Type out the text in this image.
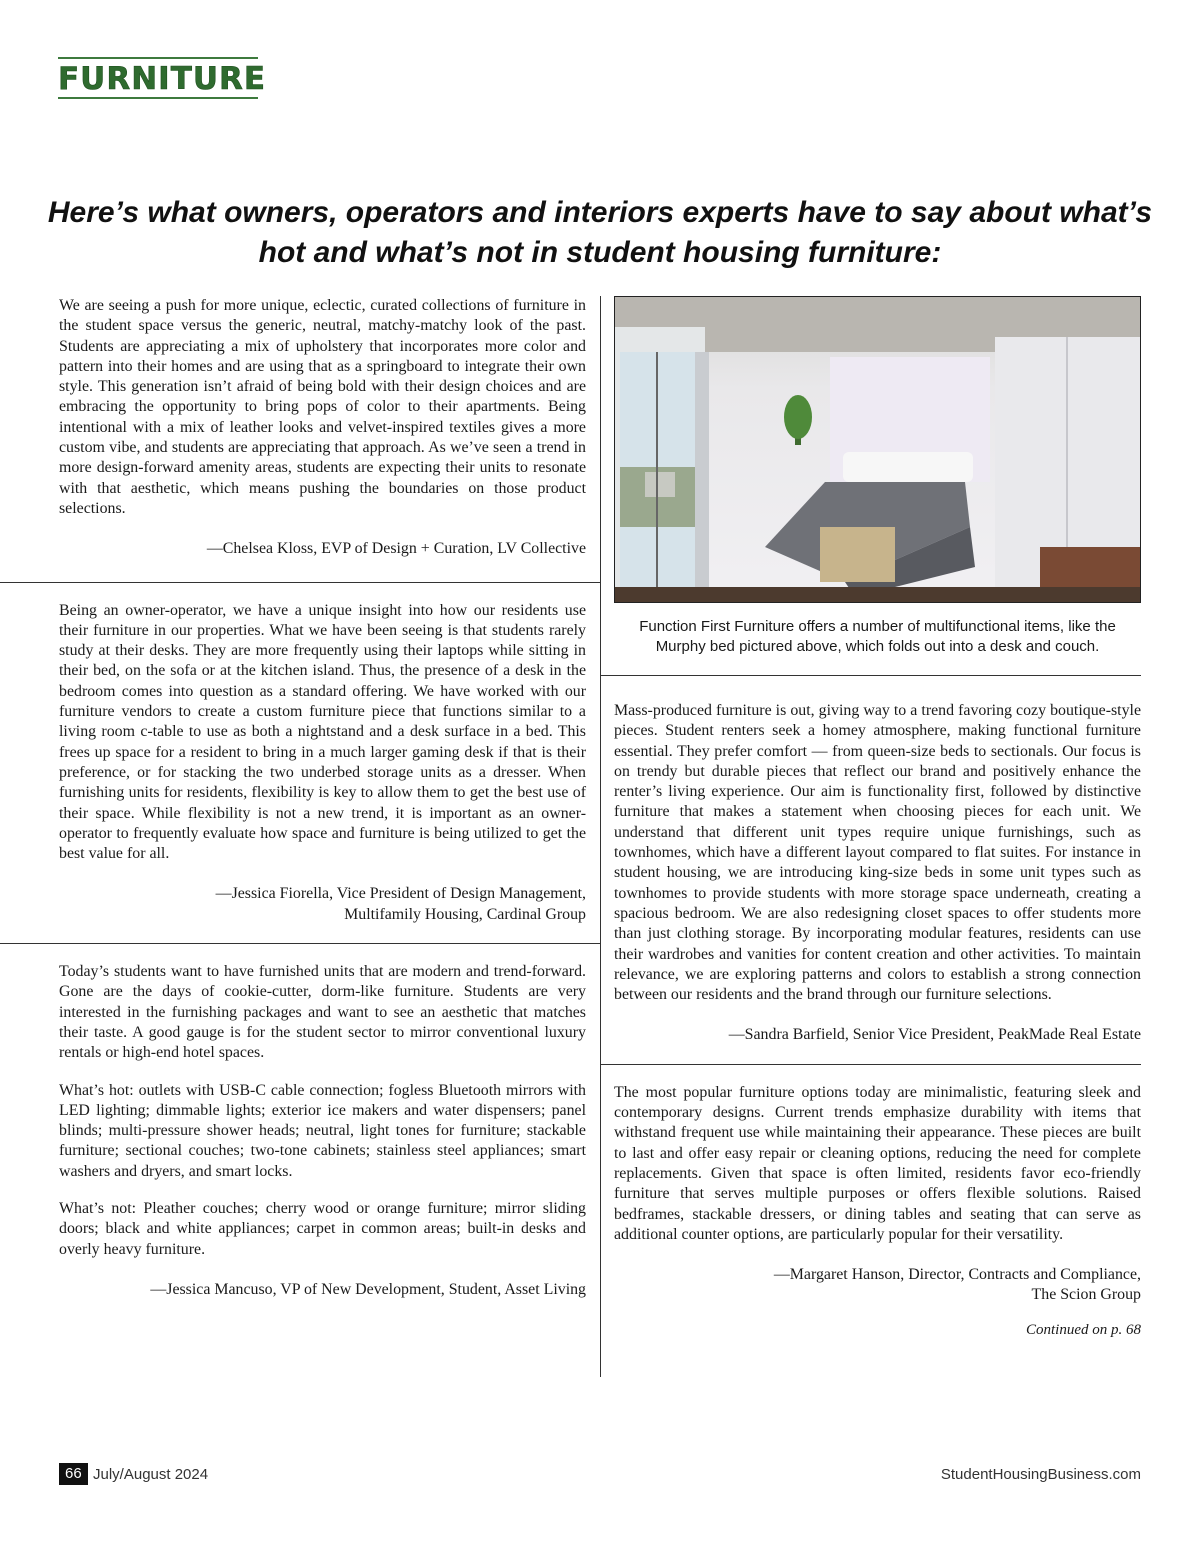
FURNITURE
Here’s what owners, operators and interiors experts have to say about what’s hot and what’s not in student housing furniture:

We are seeing a push for more unique, eclectic, curated collections of furniture in the student space versus the generic, neutral, matchy-matchy look of the past. Students are appreciating a mix of upholstery that incorporates more color and pattern into their homes and are using that as a springboard to integrate their own style. This generation isn’t afraid of being bold with their design choices and are embracing the opportunity to bring pops of color to their apartments. Being intentional with a mix of leather looks and velvet-inspired textiles gives a more custom vibe, and students are appreciating that approach. As we’ve seen a trend in more design-forward amenity areas, students are expecting their units to resonate with that aesthetic, which means pushing the boundaries on those product selections.

—Chelsea Kloss, EVP of Design + Curation, LV Collective

Being an owner-operator, we have a unique insight into how our residents use their furniture in our properties. What we have been seeing is that students rarely study at their desks. They are more frequently using their laptops while sitting in their bed, on the sofa or at the kitchen island. Thus, the presence of a desk in the bedroom comes into question as a standard offering. We have worked with our furniture vendors to create a custom furniture piece that functions similar to a living room c-table to use as both a nightstand and a desk surface in a bed. This frees up space for a resident to bring in a much larger gaming desk if that is their preference, or for stacking the two underbed storage units as a dresser. When furnishing units for residents, flexibility is key to allow them to get the best use of their space. While flexibility is not a new trend, it is important as an owner-operator to frequently evaluate how space and furniture is being utilized to get the best value for all.

—Jessica Fiorella, Vice President of Design Management,
Multifamily Housing, Cardinal Group

Today’s students want to have furnished units that are modern and trend-forward. Gone are the days of cookie-cutter, dorm-like furniture. Students are very interested in the furnishing packages and want to see an aesthetic that matches their taste. A good gauge is for the student sector to mirror conventional luxury rentals or high-end hotel spaces.

What’s hot: outlets with USB-C cable connection; fogless Bluetooth mirrors with LED lighting; dimmable lights; exterior ice makers and water dispensers; panel blinds; multi-pressure shower heads; neutral, light tones for furniture; stackable furniture; sectional couches; two-tone cabinets; stainless steel appliances; smart washers and dryers, and smart locks.

What’s not: Pleather couches; cherry wood or orange furniture; mirror sliding doors; black and white appliances; carpet in common areas; built-in desks and overly heavy furniture.

—Jessica Mancuso, VP of New Development, Student, Asset Living
Function First Furniture offers a number of multifunctional items, like the Murphy bed pictured above, which folds out into a desk and couch.

Mass-produced furniture is out, giving way to a trend favoring cozy boutique-style pieces. Student renters seek a homey atmosphere, making functional furniture essential. They prefer comfort — from queen-size beds to sectionals. Our focus is on trendy but durable pieces that reflect our brand and positively enhance the renter’s living experience. Our aim is functionality first, followed by distinctive furniture that makes a statement when choosing pieces for each unit. We understand that different unit types require unique furnishings, such as townhomes, which have a different layout compared to flat suites. For instance in student housing, we are introducing king-size beds in some unit types such as townhomes to provide students with more storage space underneath, creating a spacious bedroom. We are also redesigning closet spaces to offer students more than just clothing storage. By incorporating modular features, residents can use their wardrobes and vanities for content creation and other activities. To maintain relevance, we are exploring patterns and colors to establish a strong connection between our residents and the brand through our furniture selections.

—Sandra Barfield, Senior Vice President, PeakMade Real Estate

The most popular furniture options today are minimalistic, featuring sleek and contemporary designs. Current trends emphasize durability with items that withstand frequent use while maintaining their appearance. These pieces are built to last and offer easy repair or cleaning options, reducing the need for complete replacements. Given that space is often limited, residents favor eco-friendly furniture that serves multiple purposes or offers flexible solutions. Raised bedframes, stackable dressers, or dining tables and seating that can serve as additional counter options, are particularly popular for their versatility.

—Margaret Hanson, Director, Contracts and Compliance,
The Scion Group
Continued on p. 68
66 July/August 2024	StudentHousingBusiness.com
